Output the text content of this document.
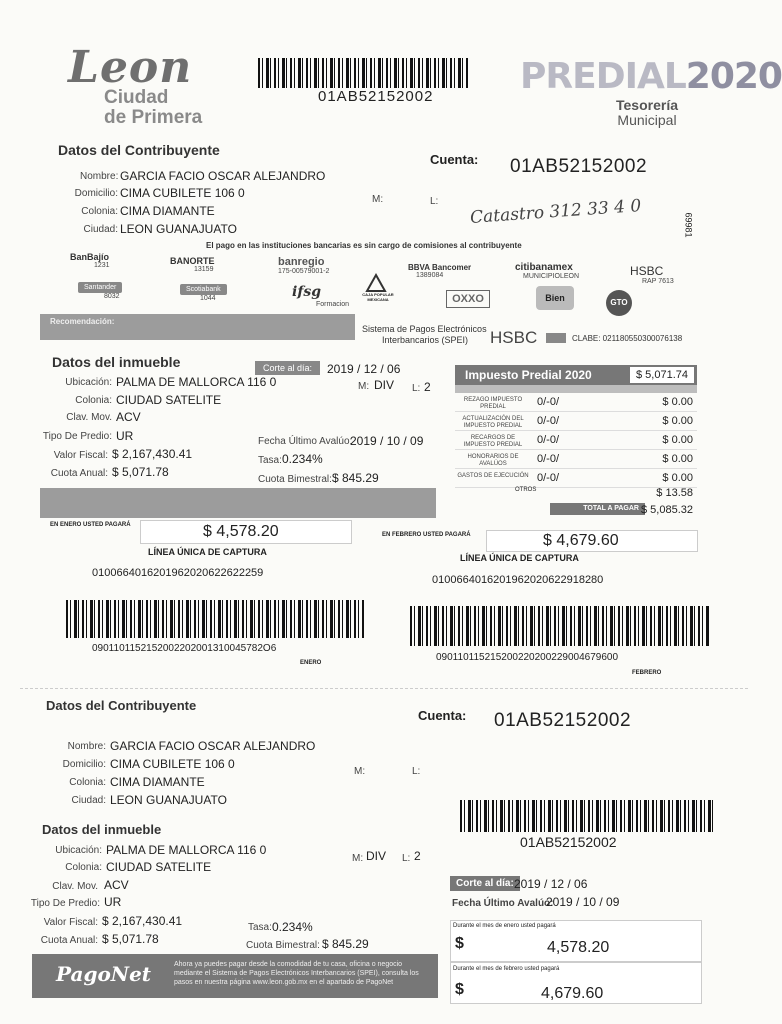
Leon
Ciudad
de Primera
01AB52152002 PREDIAL2020
Tesorería
Municipal
Datos del Contribuyente
Cuenta: 01AB52152002
Nombre: GARCIA FACIO OSCAR ALEJANDRO
Domicilio: CIMA CUBILETE 106 0
Colonia: CIMA DIAMANTE
Ciudad: LEON GUANAJUATO
M:	L: Catastro 312 33 4 0	69981
El pago en las instituciones bancarias es sin cargo de comisiones al contribuyente
BanBajío
1231	BANORTE
13159
banregio
175-00579001-2	BBVA Bancomer
1389084
citibanamex
MUNICIPIOLEON	HSBC
RAP 7613
Santander
8032
Scotiabank
1044	ifsg
Formacion
CAJA POPULAR MEXICANA	OXXO	Bien	GTO
Recomendación:
Sistema de Pagos Electrónicos
Interbancarios (SPEI)	HSBC	CLABE: 021180550300076138
Datos del inmueble	Corte al día:	2019 / 12 / 06
Ubicación: PALMA DE MALLORCA 116 0	M: DIV L: 2
Colonia: CIUDAD SATELITE
Clav. Mov. ACV
Tipo De Predio: UR	Fecha Último Avalúo:
2019 / 10 / 09
Valor Fiscal: $ 2,167,430.41	Tasa: 0.234%
Cuota Anual: $ 5,071.78
Cuota Bimestral: $ 845.29
Impuesto Predial 2020	$ 5,071.74
REZAGO IMPUESTO PREDIAL	0/-0/	$ 0.00
ACTUALIZACIÓN DEL IMPUESTO PREDIAL	0/-0/	$ 0.00
RECARGOS DE IMPUESTO PREDIAL	0/-0/	$ 0.00
HONORARIOS DE AVALÚOS	0/-0/	$ 0.00
GASTOS DE EJECUCIÓN 0/-0/	$ 0.00
OTROS	$ 13.58
TOTAL A PAGAR $ 5,085.32
EN ENERO USTED PAGARÁ	$ 4,578.20
LÍNEA ÚNICA DE CAPTURA
0100664016201962020622622259
0901101152152002202001310045782O6
ENERO
EN FEBRERO USTED PAGARÁ	$ 4,679.60
LÍNEA ÚNICA DE CAPTURA
0100664016201962020622918280
090110115215200220200229004679600
FEBRERO
Datos del Contribuyente
Cuenta: 01AB52152002
Nombre: GARCIA FACIO OSCAR ALEJANDRO
Domicilio: CIMA CUBILETE 106 0
Colonia: CIMA DIAMANTE
Ciudad: LEON GUANAJUATO
M:	L:
01AB52152002
Datos del inmueble
Ubicación: PALMA DE MALLORCA 116 0
M: DIV L: 2
Colonia: CIUDAD SATELITE
Clav. Mov. ACV
Tipo De Predio: UR
Valor Fiscal: $ 2,167,430.41	Tasa: 0.234%
Cuota Anual: $ 5,071.78	Cuota Bimestral: $ 845.29
Corte al día: 2019 / 12 / 06
Fecha Último Avalúo:
2019 / 10 / 09
Durante el mes de enero usted pagará
$	4,578.20
Durante el mes de febrero usted pagará
$	4,679.60
PagoNet	Ahora ya puedes pagar desde la comodidad de tu casa, oficina o negocio mediante el Sistema de Pagos Electrónicos Interbancarios (SPEI), consulta los pasos en nuestra página www.leon.gob.mx en el apartado de PagoNet
